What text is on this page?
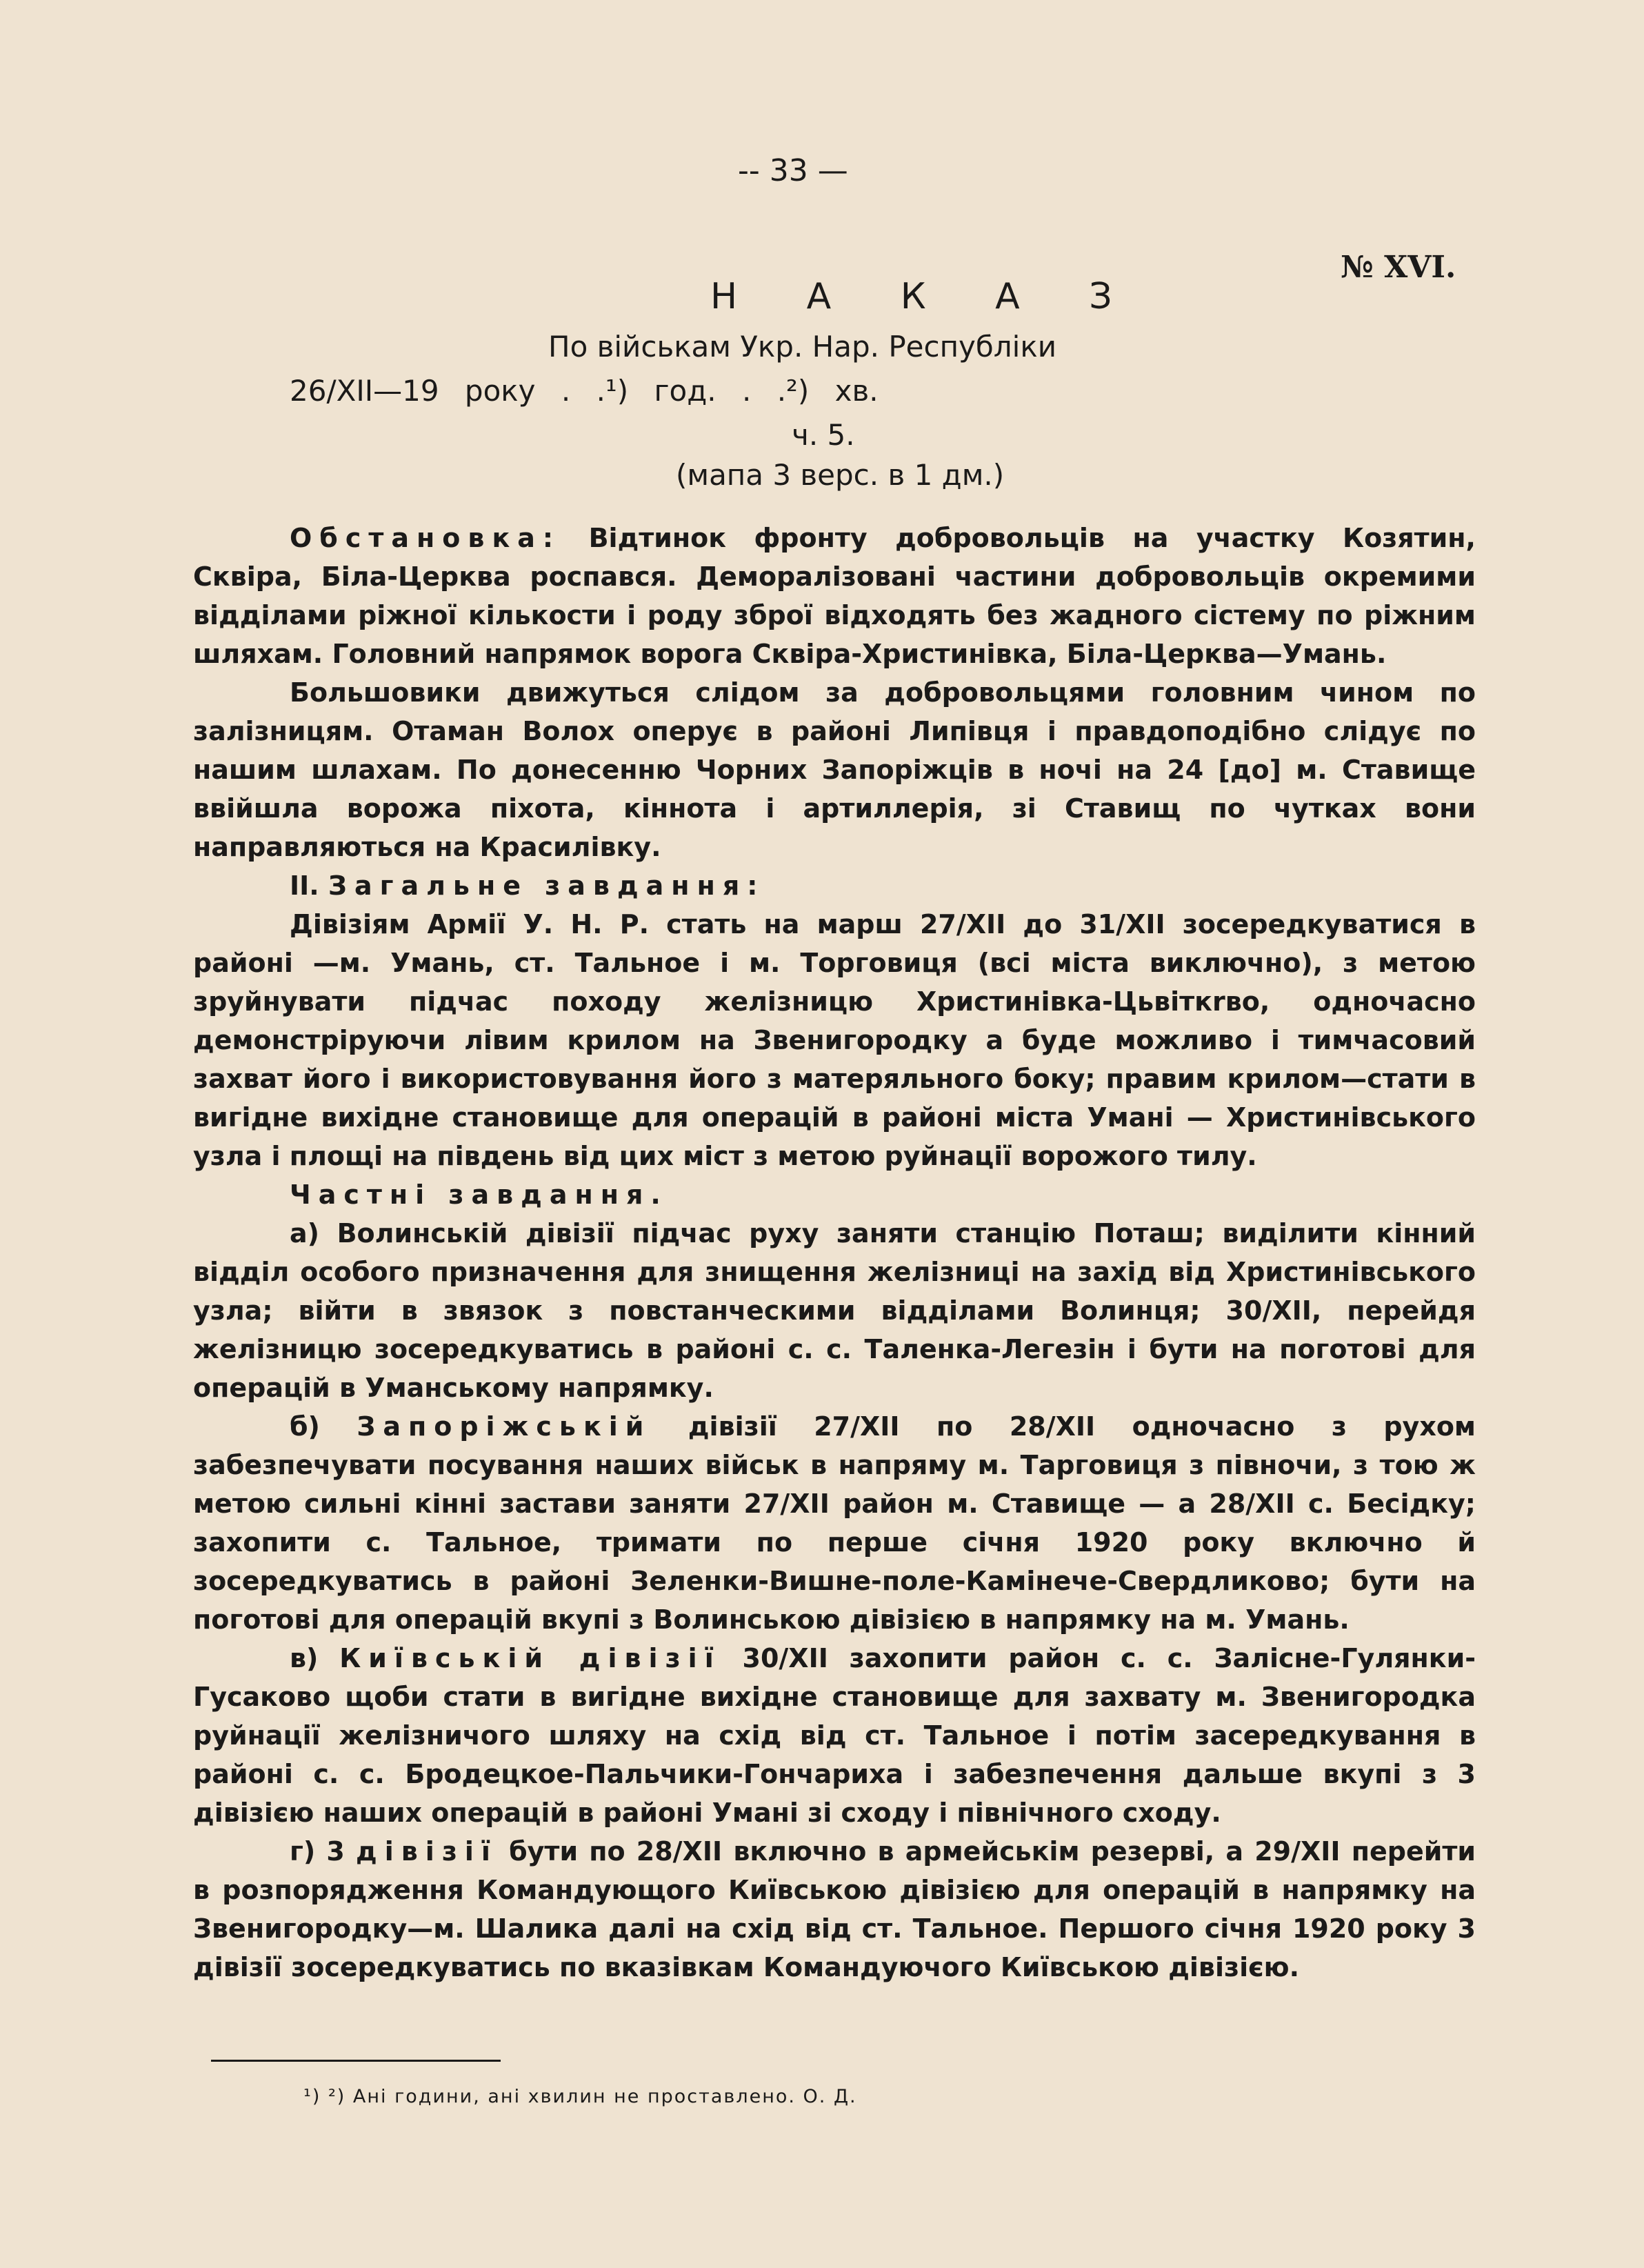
-- 33 —
№ XVI.
Н А К А З
По військам Укр. Нар. Республіки
26/XII—19 року . .¹) год. . .²) хв.
ч. 5.
(мапа 3 верс. в 1 дм.)

Обстановка: Відтинок фронту добровольців на участку Козятин, Сквіра, Біла-Церква роспався. Деморалізовані частини добровольців окремими відділами ріжної кількости і роду зброї відходять без жадного сістему по ріжним шляхам. Головний напрямок ворога Сквіра-Христинівка, Біла-Церква—Умань.

Большовики движуться слідом за добровольцями головним чином по залізницям. Отаман Волох оперує в районі Липівця і правдоподібно слідує по нашим шлахам. По донесенню Чорних Запоріжців в ночі на 24 [до] м. Ставище ввійшла ворожа піхота, кіннота і артиллерія, зі Ставищ по чутках вони направляються на Красилівку.

II. Загальне завдання:

Дівізіям Армії У. Н. Р. стать на марш 27/XII до 31/XII зосередкуватися в районі —м. Умань, ст. Тальное і м. Торговиця (всі міста виключно), з метою зруйнувати підчас походу желізницю Христинівка-Цьвіткrво, одночасно демонстріруючи лівим крилом на Звенигородку а буде можливо і тимчасовий захват його і використовування його з матеряльного боку; правим крилом—стати в вигідне вихідне становище для операцій в районі міста Умані — Христинівського узла і площі на південь від цих міст з метою руйнації ворожого тилу.

Частні завдання.

а) Волинській дівізії підчас руху заняти станцію Поташ; виділити кінний відділ особого призначення для знищення желізниці на захід від Христинівського узла; війти в звязок з повстанческими відділами Волинця; 30/XII, перейдя желізницю зосередкуватись в районі с. с. Таленка-Легезін і бути на поготові для операцій в Уманському напрямку.

б) Запоріжській дівізії 27/XII по 28/XII одночасно з рухом забезпечувати посування наших військ в напряму м. Тарговиця з півночи, з тою ж метою сильні кінні застави заняти 27/XII район м. Ставище — а 28/XII с. Бесідку; захопити с. Тальное, тримати по перше січня 1920 року включно й зосередкуватись в районі Зеленки-Вишне-поле-Камінече-Свердликово; бути на поготові для операцій вкупі з Волинською дівізією в напрямку на м. Умань.

в) Київській дівізії 30/XII захопити район с. с. Залісне-Гулянки-Гусаково щоби стати в вигідне вихідне становище для захвату м. Звенигородка руйнації желізничого шляху на схід від ст. Тальное і потім засередкування в районі с. с. Бродецкое-Пальчики-Гончариха і забезпечення дальше вкупі з 3 дівізією наших операцій в районі Умані зі сходу і північного сходу.

г) 3 дівізії бути по 28/XII включно в армейськім резерві, а 29/XII перейти в розпорядження Командующого Київською дівізією для операцій в напрямку на Звенигородку—м. Шалика далі на схід від ст. Тальное. Першого січня 1920 року 3 дівізії зосередкуватись по вказівкам Командуючого Київською дівізією.

¹) ²) Ані години, ані хвилин не проставлено. О. Д.
